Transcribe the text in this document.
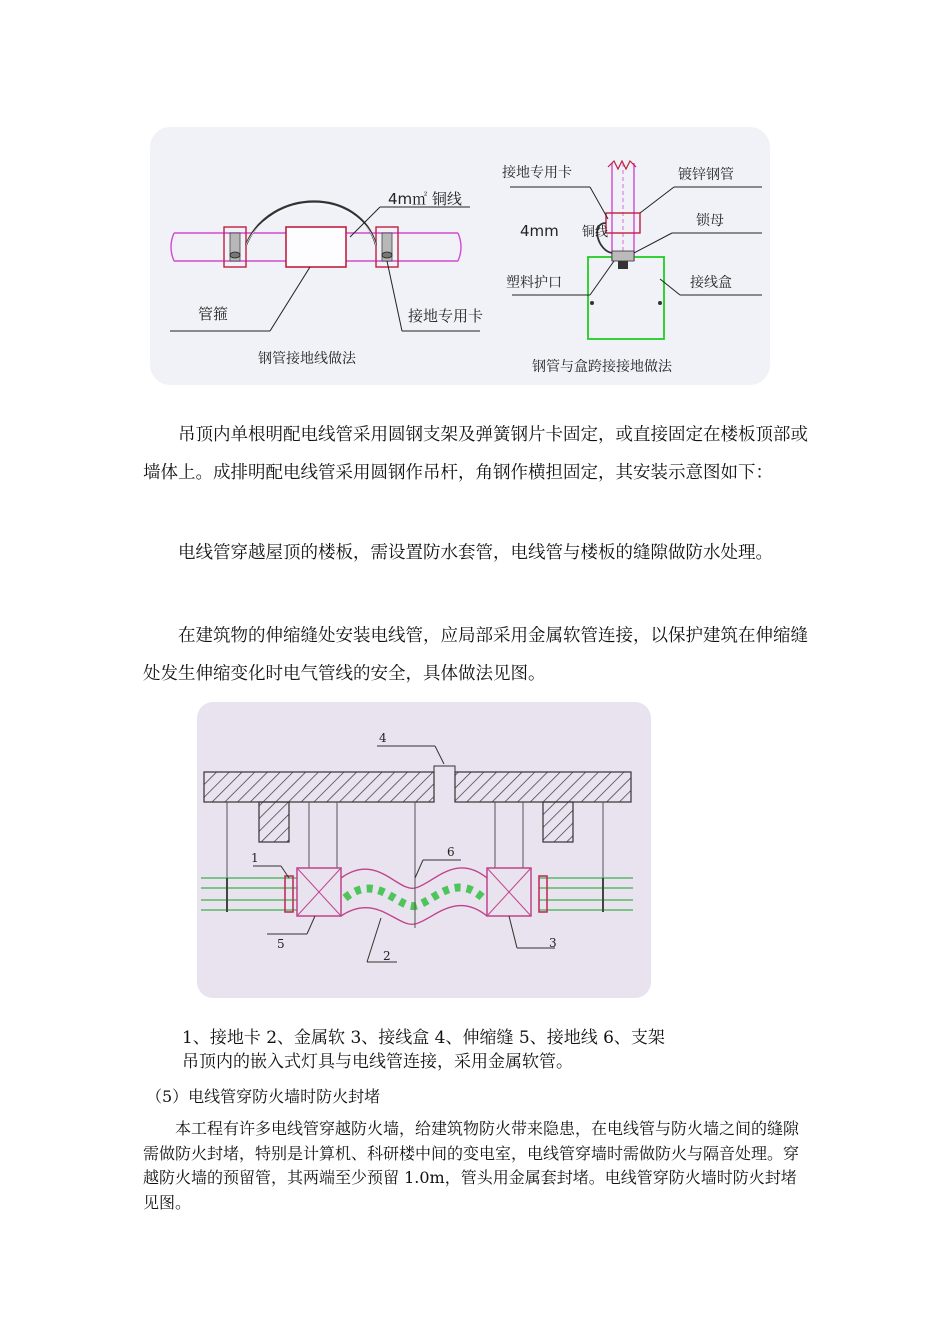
4m㎡ 铜线
管箍	接地专用卡
钢管接地线做法
接地专用卡
4mm 铜线
镀锌钢管
锁母
塑料护口	接线盒
钢管与盒跨接接地做法

吊顶内单根明配电线管采用圆钢支架及弹簧钢片卡固定，或直接固定在楼板顶部或墙体上。成排明配电线管采用圆钢作吊杆，角钢作横担固定，其安装示意图如下：

电线管穿越屋顶的楼板，需设置防水套管，电线管与楼板的缝隙做防水处理。

在建筑物的伸缩缝处安装电线管，应局部采用金属软管连接，以保护建筑在伸缩缝处发生伸缩变化时电气管线的安全，具体做法见图。

4
1
5
2
3
6

1、接地卡 2、金属软 3、接线盒 4、伸缩缝 5、接地线 6、支架

吊顶内的嵌入式灯具与电线管连接，采用金属软管。

（5）电线管穿防火墙时防火封堵

本工程有许多电线管穿越防火墙，给建筑物防火带来隐患，在电线管与防火墙之间的缝隙需做防火封堵，特别是计算机、科研楼中间的变电室，电线管穿墙时需做防火与隔音处理。穿越防火墙的预留管，其两端至少预留 1.0m，管头用金属套封堵。电线管穿防火墙时防火封堵见图。
